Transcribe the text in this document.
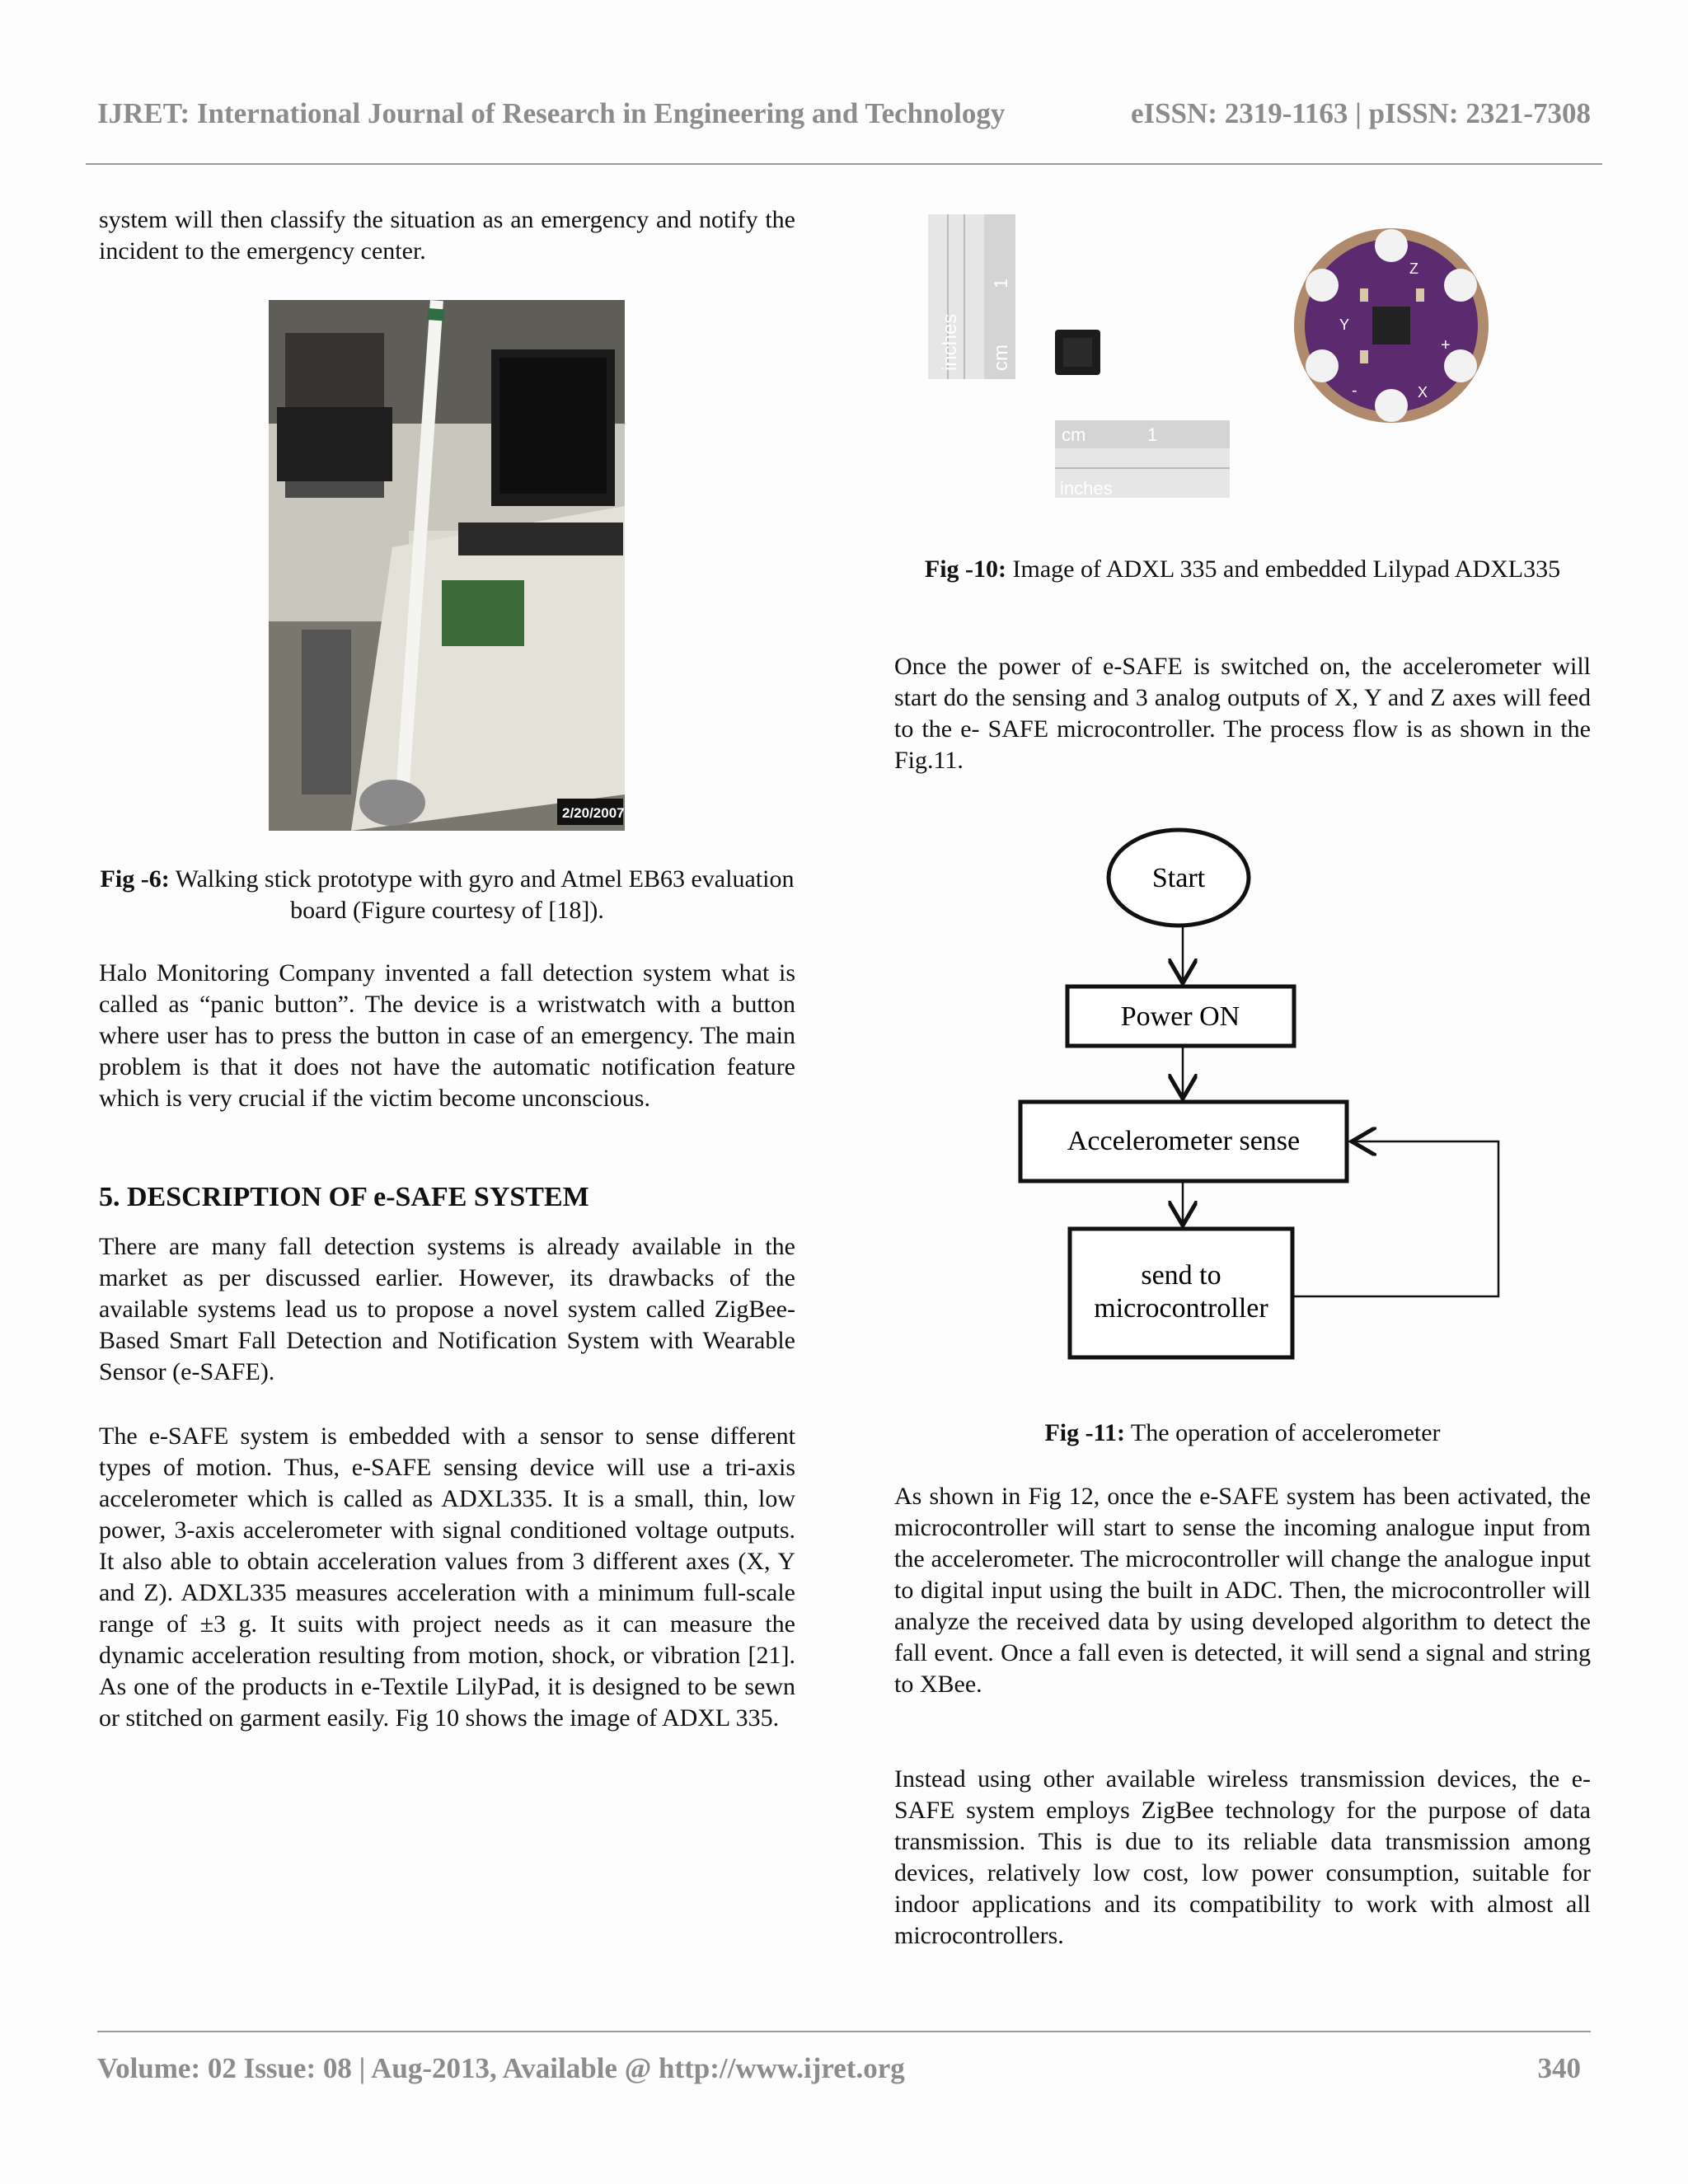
IJRET: International Journal of Research in Engineering and Technology	eISSN: 2319-1163 | pISSN: 2321-7308

system will then classify the situation as an emergency and notify the incident to the emergency center.

2/20/2007
Fig -6: Walking stick prototype with gyro and Atmel EB63 evaluation board (Figure courtesy of [18]).

Halo Monitoring Company invented a fall detection system what is called as “panic button”. The device is a wristwatch with a button where user has to press the button in case of an emergency. The main problem is that it does not have the automatic notification feature which is very crucial if the victim become unconscious.

5. DESCRIPTION OF e-SAFE SYSTEM

There are many fall detection systems is already available in the market as per discussed earlier. However, its drawbacks of the available systems lead us to propose a novel system called ZigBee-Based Smart Fall Detection and Notification System with Wearable Sensor (e-SAFE).

The e-SAFE system is embedded with a sensor to sense different types of motion. Thus, e-SAFE sensing device will use a tri-axis accelerometer which is called as ADXL335. It is a small, thin, low power, 3-axis accelerometer with signal conditioned voltage outputs. It also able to obtain acceleration values from 3 different axes (X, Y and Z). ADXL335 measures acceleration with a minimum full-scale range of ±3 g. It suits with project needs as it can measure the dynamic acceleration resulting from motion, shock, or vibration [21]. As one of the products in e-Textile LilyPad, it is designed to be sewn or stitched on garment easily. Fig 10 shows the image of ADXL 335.

inches cm
1
cm	1
inches
Z
Y
X
-
+
Fig -10: Image of ADXL 335 and embedded Lilypad ADXL335

Once the power of e-SAFE is switched on, the accelerometer will start do the sensing and 3 analog outputs of X, Y and Z axes will feed to the e- SAFE microcontroller. The process flow is as shown in the Fig.11.

Start
Power ON
Accelerometer sense
send to
microcontroller
Fig -11: The operation of accelerometer

As shown in Fig 12, once the e-SAFE system has been activated, the microcontroller will start to sense the incoming analogue input from the accelerometer. The microcontroller will change the analogue input to digital input using the built in ADC. Then, the microcontroller will analyze the received data by using developed algorithm to detect the fall event. Once a fall even is detected, it will send a signal and string to XBee.

Instead using other available wireless transmission devices, the e-SAFE system employs ZigBee technology for the purpose of data transmission. This is due to its reliable data transmission among devices, relatively low cost, low power consumption, suitable for indoor applications and its compatibility to work with almost all microcontrollers.

Volume: 02 Issue: 08 | Aug-2013, Available @ http://www.ijret.org	340
